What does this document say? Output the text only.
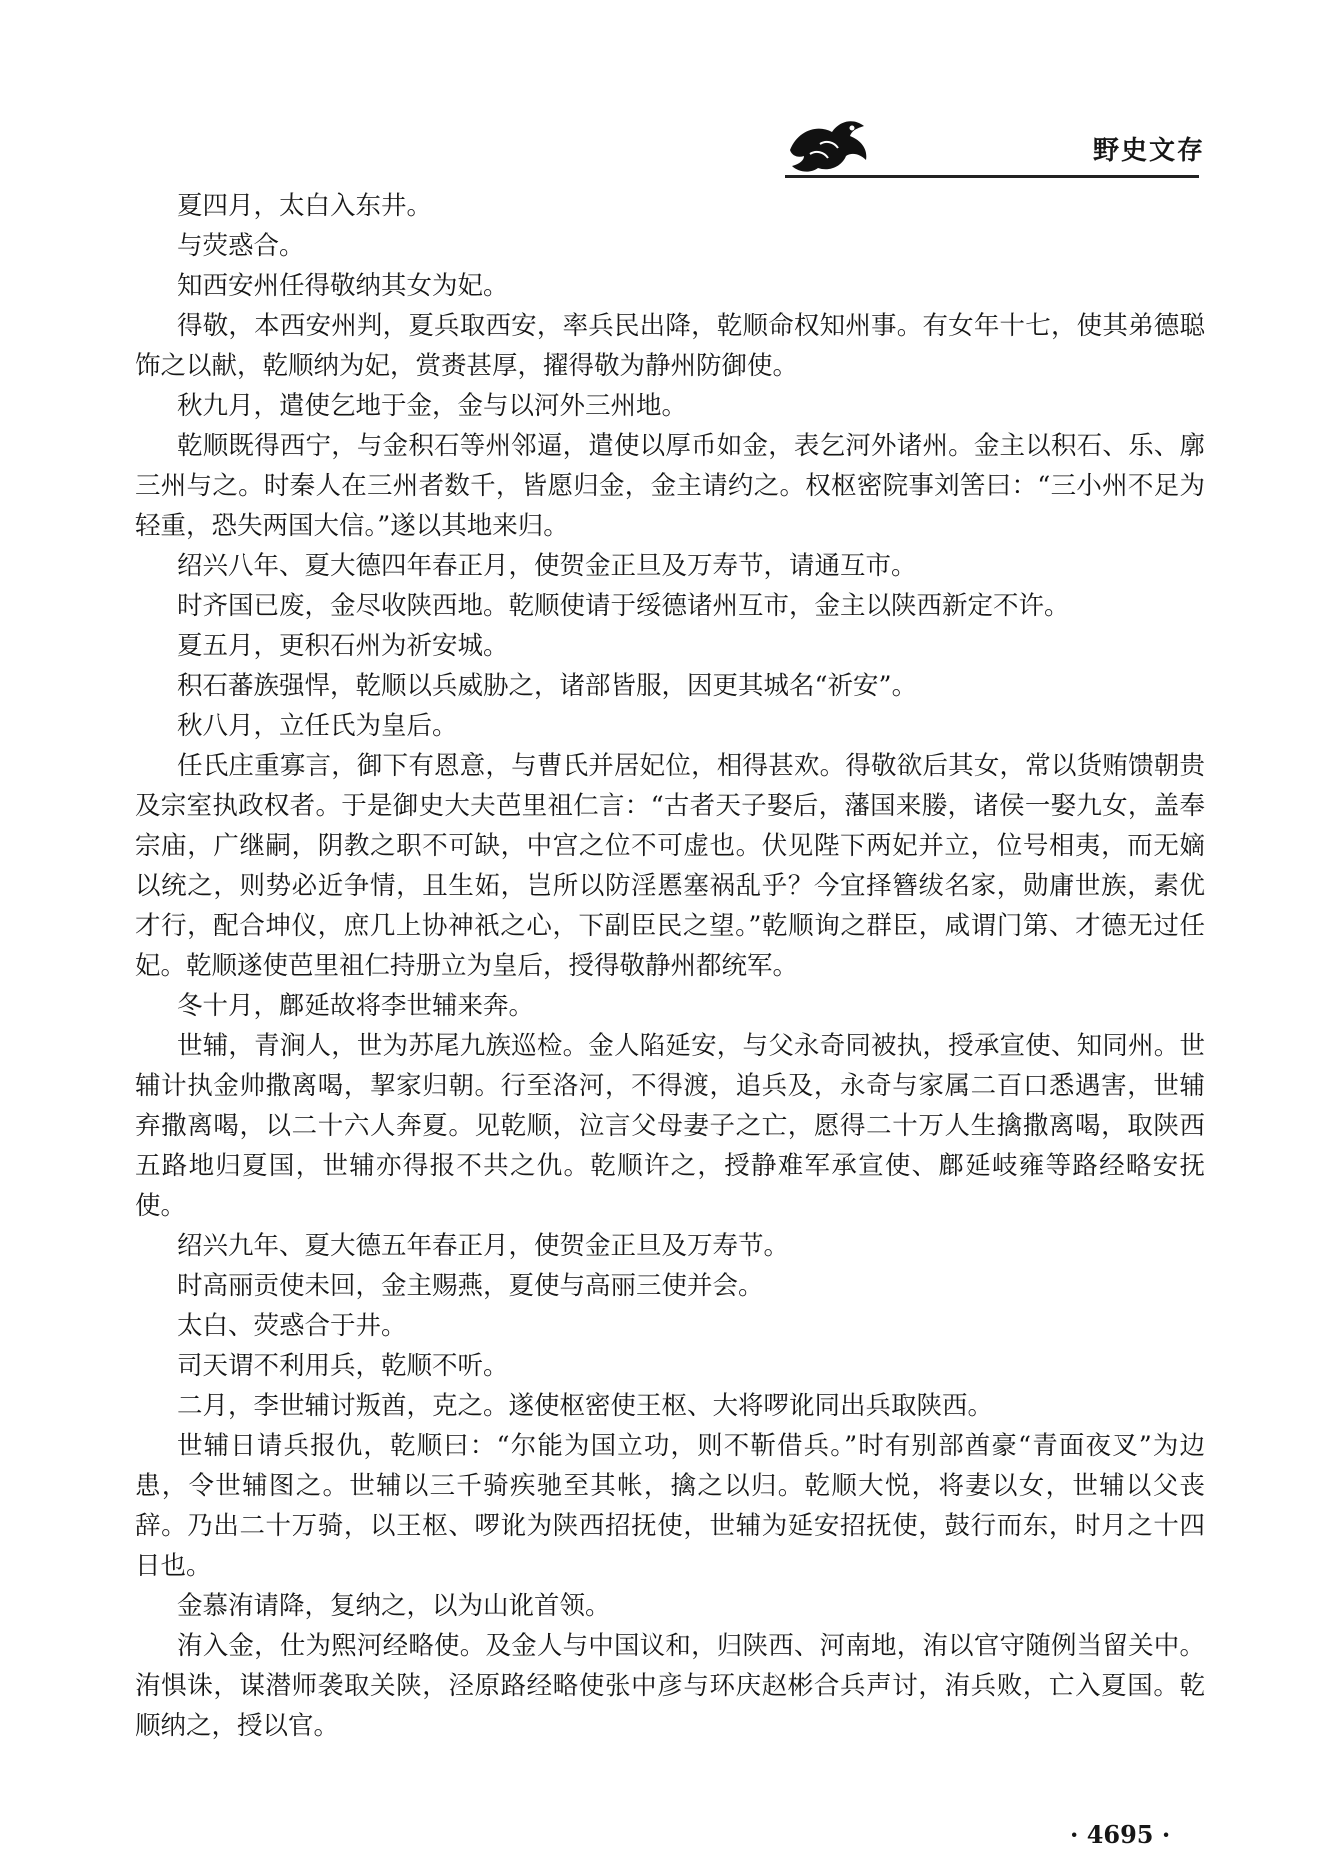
野史文存

夏四月，太白入东井。

与荧惑合。

知西安州任得敬纳其女为妃。

得敬，本西安州判，夏兵取西安，率兵民出降，乾顺命权知州事。有女年十七，使其弟德聪饰之以献，乾顺纳为妃，赏赉甚厚，擢得敬为静州防御使。

秋九月，遣使乞地于金，金与以河外三州地。

乾顺既得西宁，与金积石等州邻逼，遣使以厚币如金，表乞河外诸州。金主以积石、乐、廓三州与之。时秦人在三州者数千，皆愿归金，金主请约之。权枢密院事刘筈曰：“三小州不足为轻重，恐失两国大信。”遂以其地来归。

绍兴八年、夏大德四年春正月，使贺金正旦及万寿节，请通互市。

时齐国已废，金尽收陕西地。乾顺使请于绥德诸州互市，金主以陕西新定不许。

夏五月，更积石州为祈安城。

积石蕃族强悍，乾顺以兵威胁之，诸部皆服，因更其城名“祈安”。

秋八月，立任氏为皇后。

任氏庄重寡言，御下有恩意，与曹氏并居妃位，相得甚欢。得敬欲后其女，常以货贿馈朝贵及宗室执政权者。于是御史大夫芭里祖仁言：“古者天子娶后，藩国来媵，诸侯一娶九女，盖奉宗庙，广继嗣，阴教之职不可缺，中宫之位不可虚也。伏见陛下两妃并立，位号相夷，而无嫡以统之，则势必近争情，且生妬，岂所以防淫慝塞祸乱乎？今宜择簪绂名家，勋庸世族，素优才行，配合坤仪，庶几上协神祇之心，下副臣民之望。”乾顺询之群臣，咸谓门第、才德无过任妃。乾顺遂使芭里祖仁持册立为皇后，授得敬静州都统军。

冬十月，鄜延故将李世辅来奔。

世辅，青涧人，世为苏尾九族巡检。金人陷延安，与父永奇同被执，授承宣使、知同州。世辅计执金帅撒离喝，挈家归朝。行至洛河，不得渡，追兵及，永奇与家属二百口悉遇害，世辅弃撒离喝，以二十六人奔夏。见乾顺，泣言父母妻子之亡，愿得二十万人生擒撒离喝，取陕西五路地归夏国，世辅亦得报不共之仇。乾顺许之，授静难军承宣使、鄜延岐雍等路经略安抚使。

绍兴九年、夏大德五年春正月，使贺金正旦及万寿节。

时高丽贡使未回，金主赐燕，夏使与高丽三使并会。

太白、荧惑合于井。

司天谓不利用兵，乾顺不听。

二月，李世辅讨叛酋，克之。遂使枢密使王枢、大将啰讹同出兵取陕西。

世辅日请兵报仇，乾顺曰：“尔能为国立功，则不靳借兵。”时有别部酋豪“青面夜叉”为边患，令世辅图之。世辅以三千骑疾驰至其帐，擒之以归。乾顺大悦，将妻以女，世辅以父丧辞。乃出二十万骑，以王枢、啰讹为陕西招抚使，世辅为延安招抚使，鼓行而东，时月之十四日也。

金慕洧请降，复纳之，以为山讹首领。

洧入金，仕为熙河经略使。及金人与中国议和，归陕西、河南地，洧以官守随例当留关中。洧惧诛，谋潜师袭取关陕，泾原路经略使张中彦与环庆赵彬合兵声讨，洧兵败，亡入夏国。乾顺纳之，授以官。

· 4695 ·
